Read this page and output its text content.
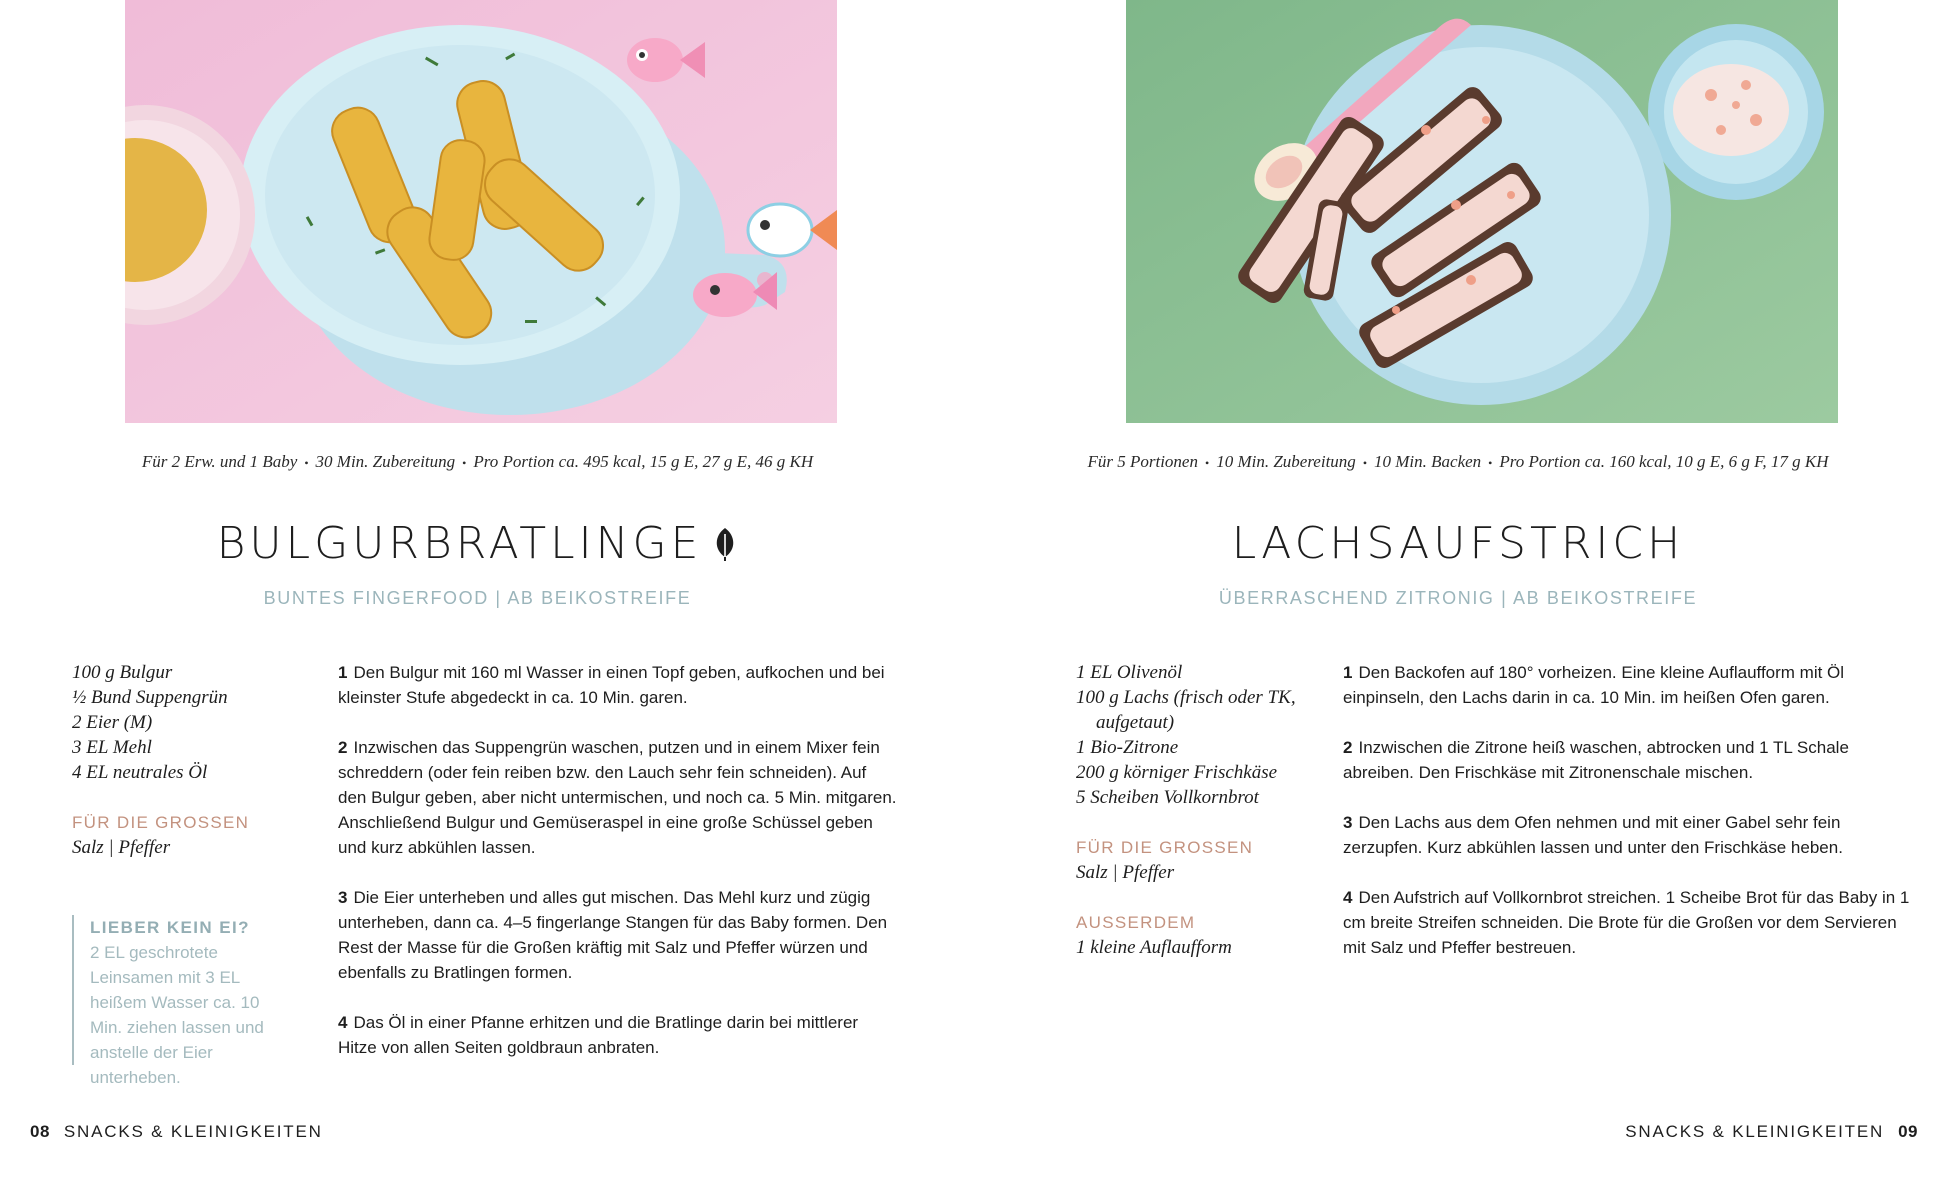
Für 2 Erw. und 1 Baby • 30 Min. Zubereitung • Pro Portion ca. 495 kcal, 15 g E, 27 g E, 46 g KH
BULGURBRATLINGE
BUNTES FINGERFOOD | AB BEIKOSTREIFE
100 g Bulgur
½ Bund Suppengrün
2 Eier (M)
3 EL Mehl
4 EL neutrales Öl
FÜR DIE GROSSEN
Salz | Pfeffer
LIEBER KEIN EI?
2 EL geschrotete Leinsamen mit 3 EL heißem Wasser ca. 10 Min. ziehen lassen und anstelle der Eier unterheben.
1 Den Bulgur mit 160 ml Wasser in einen Topf geben, aufkochen und bei kleinster Stufe abgedeckt in ca. 10 Min. garen.
2 Inzwischen das Suppengrün waschen, putzen und in einem Mixer fein schreddern (oder fein reiben bzw. den Lauch sehr fein schneiden). Auf den Bulgur geben, aber nicht untermischen, und noch ca. 5 Min. mitgaren. Anschließend Bulgur und Gemüseraspel in eine große Schüssel geben und kurz abkühlen lassen.
3 Die Eier unterheben und alles gut mischen. Das Mehl kurz und zügig unterheben, dann ca. 4–5 fingerlange Stangen für das Baby formen. Den Rest der Masse für die Großen kräftig mit Salz und Pfeffer würzen und ebenfalls zu Bratlingen formen.
4 Das Öl in einer Pfanne erhitzen und die Bratlinge darin bei mittlerer Hitze von allen Seiten goldbraun anbraten.
08 SNACKS & KLEINIGKEITEN
Für 5 Portionen • 10 Min. Zubereitung • 10 Min. Backen • Pro Portion ca. 160 kcal, 10 g E, 6 g F, 17 g KH
LACHSAUFSTRICH
ÜBERRASCHEND ZITRONIG | AB BEIKOSTREIFE
1 EL Olivenöl
100 g Lachs (frisch oder TK, aufgetaut)
1 Bio-Zitrone
200 g körniger Frischkäse
5 Scheiben Vollkornbrot
FÜR DIE GROSSEN
Salz | Pfeffer
AUSSERDEM
1 kleine Auflaufform
1 Den Backofen auf 180° vorheizen. Eine kleine Auflaufform mit Öl einpinseln, den Lachs darin in ca. 10 Min. im heißen Ofen garen.
2 Inzwischen die Zitrone heiß waschen, abtrocken und 1 TL Schale abreiben. Den Frischkäse mit Zitronenschale mischen.
3 Den Lachs aus dem Ofen nehmen und mit einer Gabel sehr fein zerzupfen. Kurz abkühlen lassen und unter den Frischkäse heben.
4 Den Aufstrich auf Vollkornbrot streichen. 1 Scheibe Brot für das Baby in 1 cm breite Streifen schneiden. Die Brote für die Großen vor dem Servieren mit Salz und Pfeffer bestreuen.
SNACKS & KLEINIGKEITEN 09
